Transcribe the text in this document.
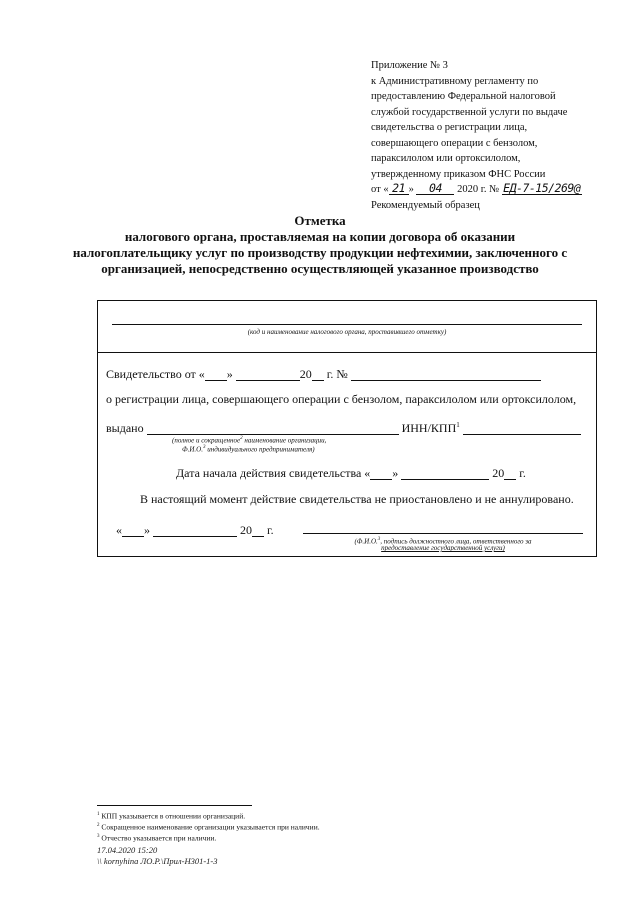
Приложение № 3
к Административному регламенту по
предоставлению Федеральной налоговой
службой государственной услуги по выдаче
свидетельства о регистрации лица,
совершающего операции с бензолом,
параксилолом или ортоксилолом,
утвержденному приказом ФНС России
от « 21 » 04 2020 г. № ЕД-7-15/269@
Рекомендуемый образец
Отметка
налогового органа, проставляемая на копии договора об оказании
налогоплательщику услуг по производству продукции нефтехимии, заключенного с
организацией, непосредственно осуществляющей указанное производство
(код и наименование налогового органа, проставившего отметку)
Свидетельство от « »	20 г. №
о регистрации лица, совершающего операции с бензолом, параксилолом или ортоксилолом,
выдано	ИНН/КПП$^1$
(полное и сокращенное$^2$ наименование организации,
Ф.И.О.$^3$ индивидуального предпринимателя)
Дата начала действия свидетельства « »	20 г.
В настоящий момент действие свидетельства не приостановлено и не аннулировано.
« »	20 г.
(Ф.И.О.$^3$, подпись должностного лица, ответственного за
предоставление государственной услуги)
$^1$ КПП указывается в отношении организаций.
$^2$ Сокращенное наименование организации указывается при наличии.
$^3$ Отчество указывается при наличии.
17.04.2020 15:20
\\ kornyhinа ЛО.Р.\Прил-Н301-1-3
